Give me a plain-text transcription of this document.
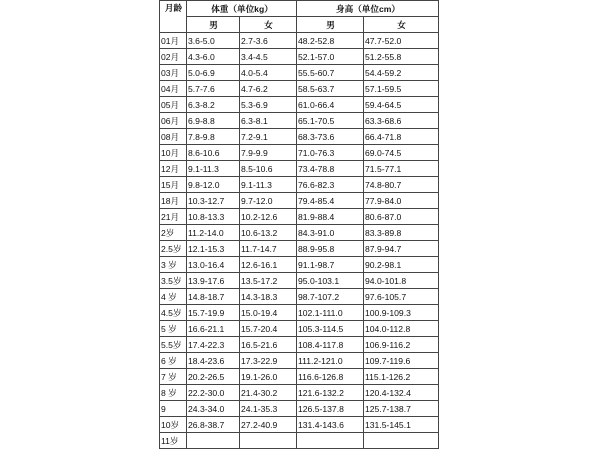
月龄	体重（单位kg）		身高（单位cm）	
	男	女	男	女
01月	3.6-5.0	2.7-3.6	48.2-52.8	47.7-52.0
02月	4.3-6.0	3.4-4.5	52.1-57.0	51.2-55.8
03月	5.0-6.9	4.0-5.4	55.5-60.7	54.4-59.2
04月	5.7-7.6	4.7-6.2	58.5-63.7	57.1-59.5
05月	6.3-8.2	5.3-6.9	61.0-66.4	59.4-64.5
06月	6.9-8.8	6.3-8.1	65.1-70.5	63.3-68.6
08月	7.8-9.8	7.2-9.1	68.3-73.6	66.4-71.8
10月	8.6-10.6	7.9-9.9	71.0-76.3	69.0-74.5
12月	9.1-11.3	8.5-10.6	73.4-78.8	71.5-77.1
15月	9.8-12.0	9.1-11.3	76.6-82.3	74.8-80.7
18月	10.3-12.7	9.7-12.0	79.4-85.4	77.9-84.0
21月	10.8-13.3	10.2-12.6	81.9-88.4	80.6-87.0
2岁	11.2-14.0	10.6-13.2	84.3-91.0	83.3-89.8
2.5岁	12.1-15.3	11.7-14.7	88.9-95.8	87.9-94.7
3 岁	13.0-16.4	12.6-16.1	91.1-98.7	90.2-98.1
3.5岁	13.9-17.6	13.5-17.2	95.0-103.1	94.0-101.8
4 岁	14.8-18.7	14.3-18.3	98.7-107.2	97.6-105.7
4.5岁	15.7-19.9	15.0-19.4	102.1-111.0	100.9-109.3
5 岁	16.6-21.1	15.7-20.4	105.3-114.5	104.0-112.8
5.5岁	17.4-22.3	16.5-21.6	108.4-117.8	106.9-116.2
6 岁	18.4-23.6	17.3-22.9	111.2-121.0	109.7-119.6
7 岁	20.2-26.5	19.1-26.0	116.6-126.8	115.1-126.2
8 岁	22.2-30.0	21.4-30.2	121.6-132.2	120.4-132.4
9	24.3-34.0	24.1-35.3	126.5-137.8	125.7-138.7
10岁	26.8-38.7	27.2-40.9	131.4-143.6	131.5-145.1
11岁				
